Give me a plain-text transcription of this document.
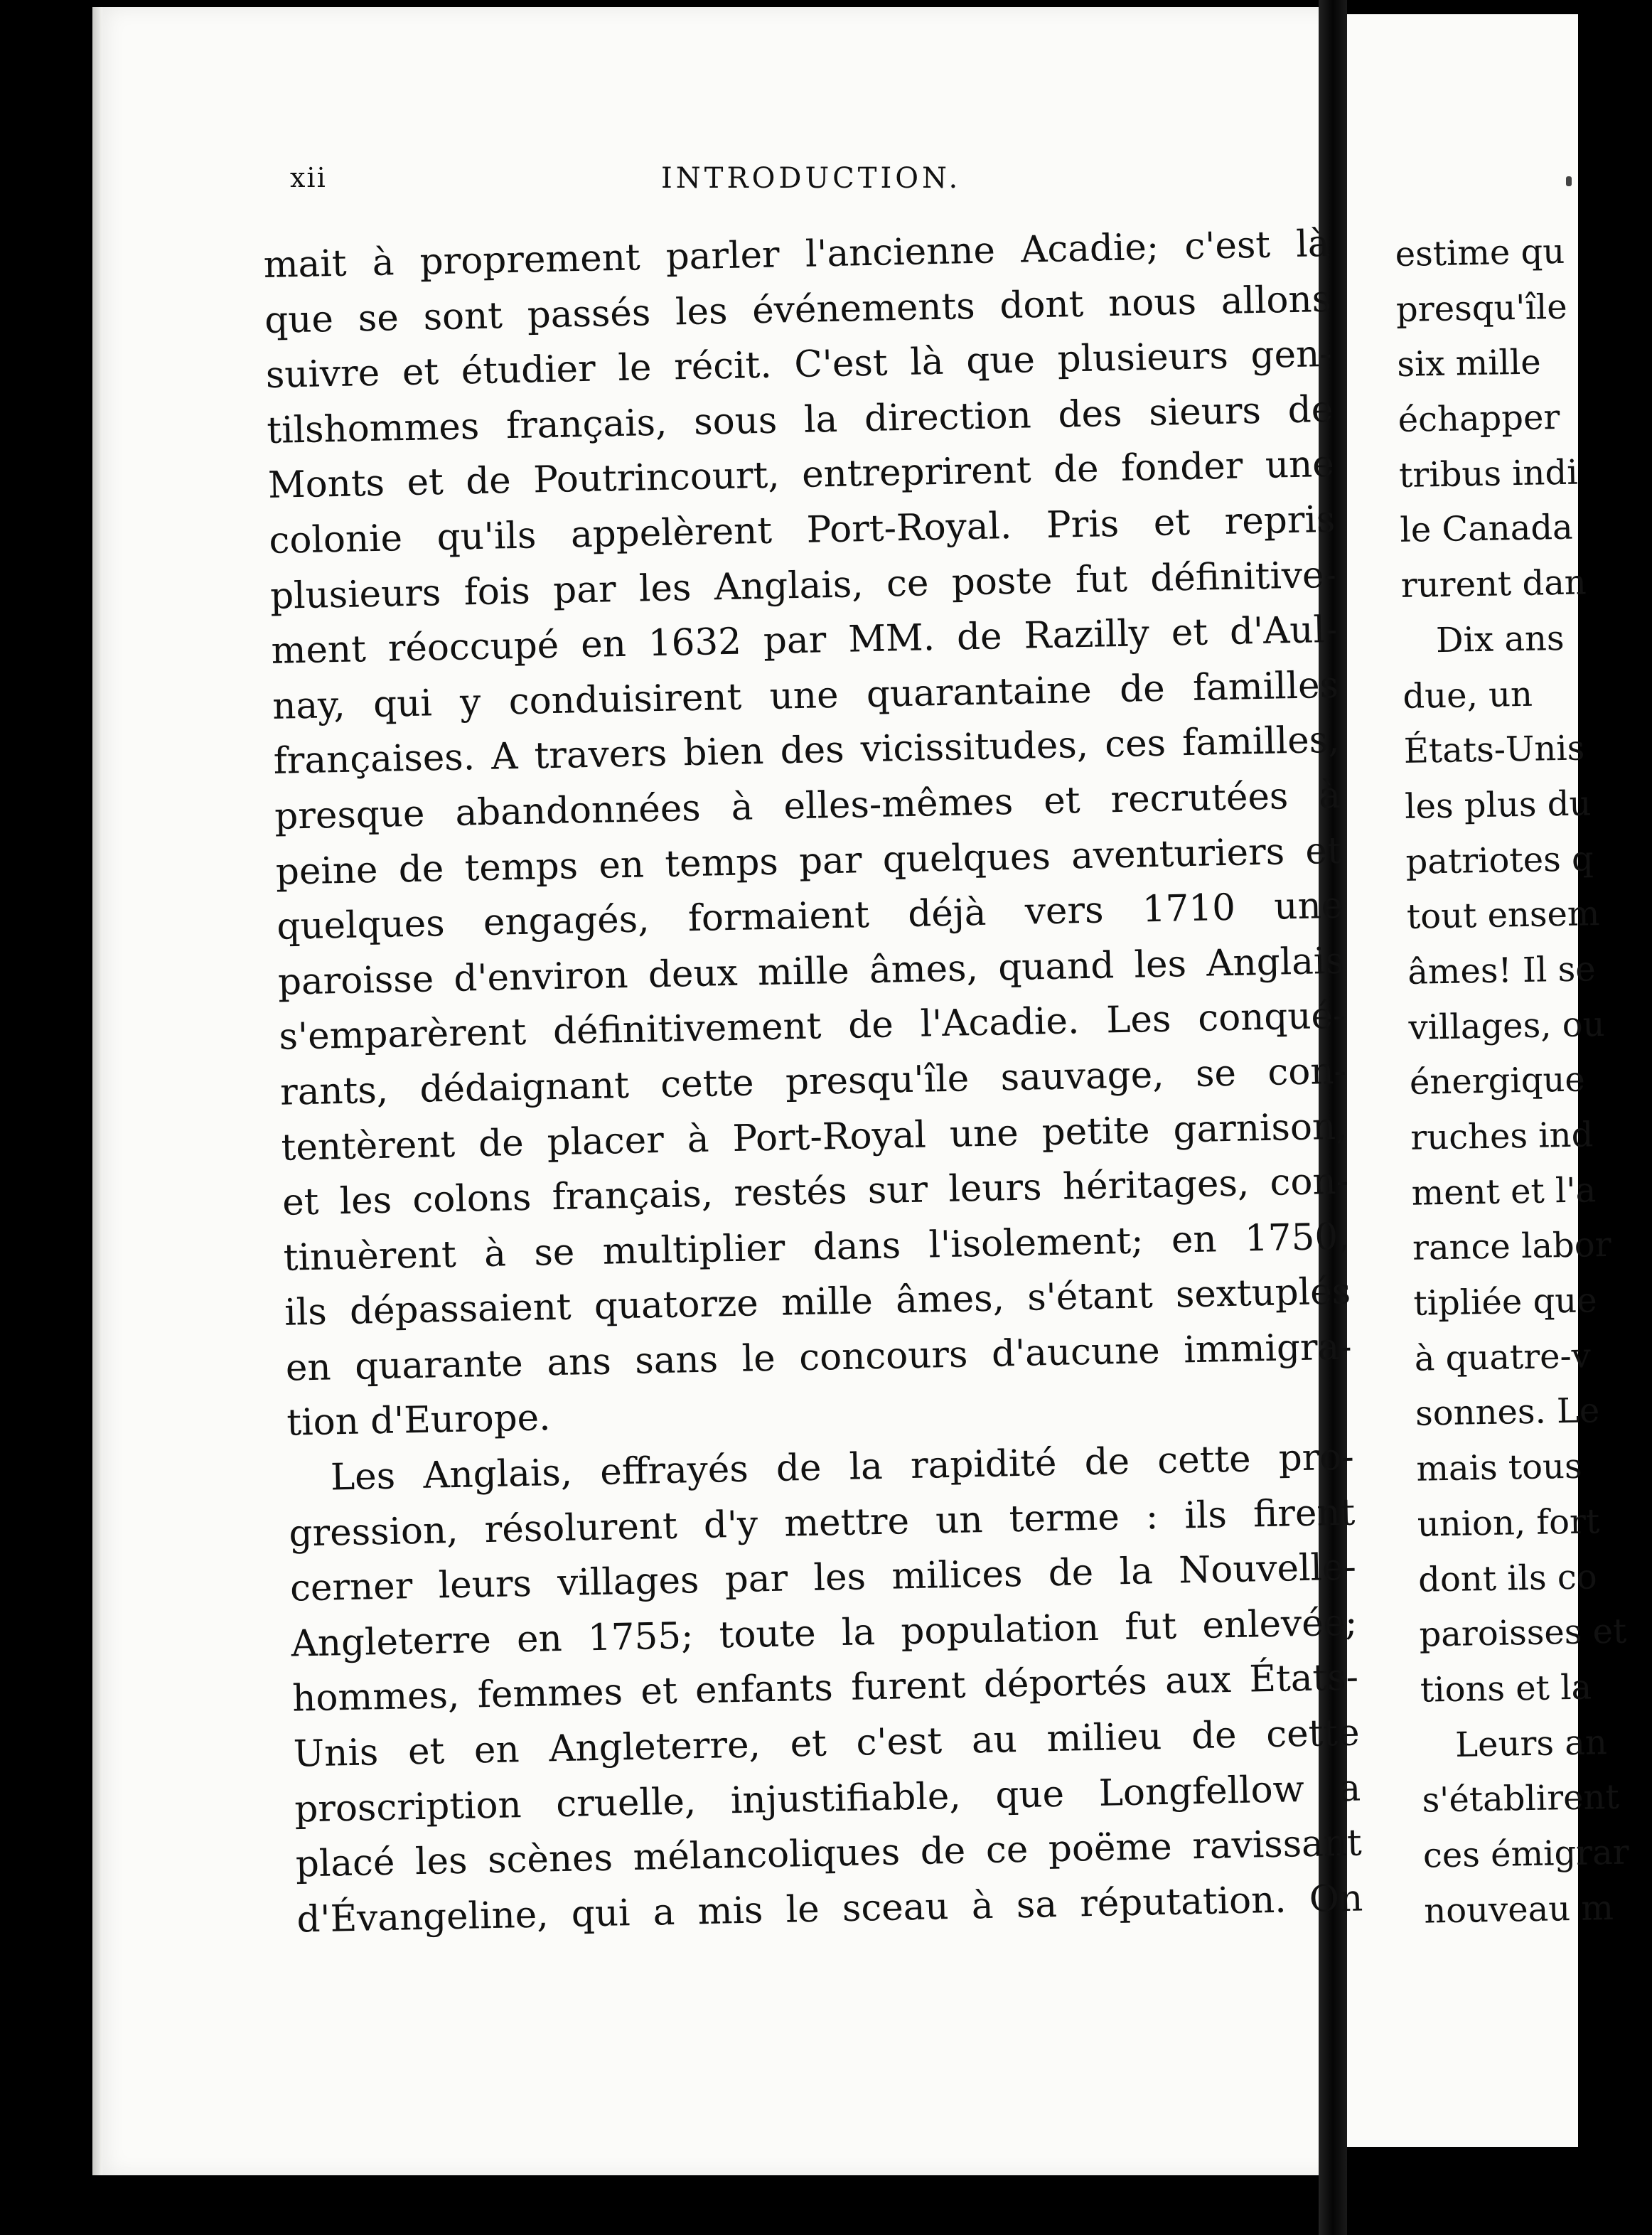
xii	INTRODUCTION.
mait à proprement parler l'ancienne Acadie; c'est là
que se sont passés les événements dont nous allons
suivre et étudier le récit. C'est là que plusieurs gen-
tilshommes français, sous la direction des sieurs de
Monts et de Poutrincourt, entreprirent de fonder une
colonie qu'ils appelèrent Port-Royal. Pris et repris
plusieurs fois par les Anglais, ce poste fut définitive-
ment réoccupé en 1632 par MM. de Razilly et d'Aul-
nay, qui y conduisirent une quarantaine de familles
françaises. A travers bien des vicissitudes, ces familles,
presque abandonnées à elles-mêmes et recrutées à
peine de temps en temps par quelques aventuriers et
quelques engagés, formaient déjà vers 1710 une
paroisse d'environ deux mille âmes, quand les Anglais
s'emparèrent définitivement de l'Acadie. Les conqué-
rants, dédaignant cette presqu'île sauvage, se con-
tentèrent de placer à Port-Royal une petite garnison,
et les colons français, restés sur leurs héritages, con-
tinuèrent à se multiplier dans l'isolement; en 1750,
ils dépassaient quatorze mille âmes, s'étant sextuplés
en quarante ans sans le concours d'aucune immigra-
tion d'Europe.
Les Anglais, effrayés de la rapidité de cette pro-
gression, résolurent d'y mettre un terme : ils firent
cerner leurs villages par les milices de la Nouvelle-
Angleterre en 1755; toute la population fut enlevée;
hommes, femmes et enfants furent déportés aux États-
Unis et en Angleterre, et c'est au milieu de cette
proscription cruelle, injustifiable, que Longfellow a
placé les scènes mélancoliques de ce poëme ravissant
d'Évangeline, qui a mis le sceau à sa réputation. On
estime qu
presqu'île
six mille
échapper
tribus indi
le Canada
rurent dan
Dix ans
due, un
États-Unis
les plus du
patriotes q
tout ensem
âmes! Il se
villages, ou
énergique
ruches ind
ment et l'a
rance labor
tipliée que
à quatre-v
sonnes. Le
mais tous
union, fort
dont ils co
paroisses et
tions et la
Leurs an
s'établirent
ces émigrar
nouveau m
